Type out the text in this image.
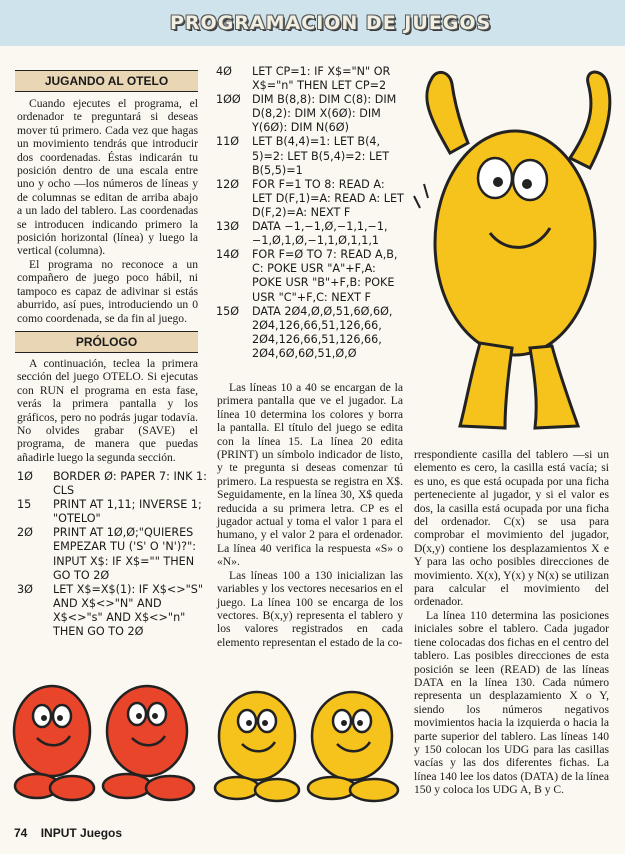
PROGRAMACION DE JUEGOS
JUGANDO AL OTELO

Cuando ejecutes el programa, el ordenador te preguntará si deseas mover tú primero. Cada vez que hagas un movimiento tendrás que introducir dos coordenadas. Éstas indicarán tu posición dentro de una escala entre uno y ocho —los números de líneas y de columnas se editan de arriba abajo a un lado del tablero. Las coordenadas se introducen indicando primero la posición horizontal (línea) y luego la vertical (columna).

El programa no reconoce a un compañero de juego poco hábil, ni tampoco es capaz de adivinar si estás aburrido, así pues, introduciendo un 0 como coordenada, se da fin al juego.

PRÓLOGO

A continuación, teclea la primera sección del juego OTELO. Si ejecutas con RUN el programa en esta fase, verás la primera pantalla y los gráficos, pero no podrás jugar todavía. No olvides grabar (SAVE) el programa, de manera que puedas añadirle luego la segunda sección.

1Ø BORDER Ø: PAPER 7: INK 1:
CLS
15 PRINT AT 1,11; INVERSE 1;
"OTELO"
2Ø PRINT AT 1Ø,Ø;"QUIERES
EMPEZAR TU ('S' O 'N')?":
INPUT X$: IF X$="" THEN
GO TO 2Ø
3Ø LET X$=X$(1): IF X$<>"S"
AND X$<>"N" AND
X$<>"s" AND X$<>"n"
THEN GO TO 2Ø
4Ø LET CP=1: IF X$="N" OR
X$="n" THEN LET CP=2
1ØØ DIM B(8,8): DIM C(8): DIM
D(8,2): DIM X(6Ø): DIM
Y(6Ø): DIM N(6Ø)
11Ø LET B(4,4)=1: LET B(4,
5)=2: LET B(5,4)=2: LET
B(5,5)=1
12Ø FOR F=1 TO 8: READ A:
LET D(F,1)=A: READ A: LET
D(F,2)=A: NEXT F
13Ø DATA −1,−1,Ø,−1,1,−1,
−1,Ø,1,Ø,−1,1,Ø,1,1,1
14Ø FOR F=Ø TO 7: READ A,B,
C: POKE USR "A"+F,A:
POKE USR "B"+F,B: POKE
USR "C"+F,C: NEXT F
15Ø DATA 2Ø4,Ø,Ø,51,6Ø,6Ø,
2Ø4,126,66,51,126,66,
2Ø4,126,66,51,126,66,
2Ø4,6Ø,6Ø,51,Ø,Ø

Las líneas 10 a 40 se encargan de la primera pantalla que ve el jugador. La línea 10 determina los colores y borra la pantalla. El título del juego se edita con la línea 15. La línea 20 edita (PRINT) un símbolo indicador de listo, y te pregunta si deseas comenzar tú primero. La respuesta se registra en X$. Seguidamente, en la línea 30, X$ queda reducida a su primera letra. CP es el jugador actual y toma el valor 1 para el humano, y el valor 2 para el ordenador. La línea 40 verifica la respuesta «S» o «N».

Las líneas 100 a 130 inicializan las variables y los vectores necesarios en el juego. La línea 100 se encarga de los vectores. B(x,y) representa el tablero y los valores registrados en cada elemento representan el estado de la co-

rrespondiente casilla del tablero —si un elemento es cero, la casilla está vacía; si es uno, es que está ocupada por una ficha perteneciente al jugador, y si el valor es dos, la casilla está ocupada por una ficha del ordenador. C(x) se usa para comprobar el movimiento del jugador, D(x,y) contiene los desplazamientos X e Y para las ocho posibles direcciones de movimiento. X(x), Y(x) y N(x) se utilizan para calcular el movimiento del ordenador.

La línea 110 determina las posiciones iniciales sobre el tablero. Cada jugador tiene colocadas dos fichas en el centro del tablero. Las posibles direcciones de esta posición se leen (READ) de las líneas DATA en la línea 130. Cada número representa un desplazamiento X o Y, siendo los números negativos movimientos hacia la izquierda o hacia la parte superior del tablero. Las líneas 140 y 150 colocan los UDG para las casillas vacías y las dos diferentes fichas. La línea 140 lee los datos (DATA) de la línea 150 y coloca los UDG A, B y C.

74 INPUT Juegos
